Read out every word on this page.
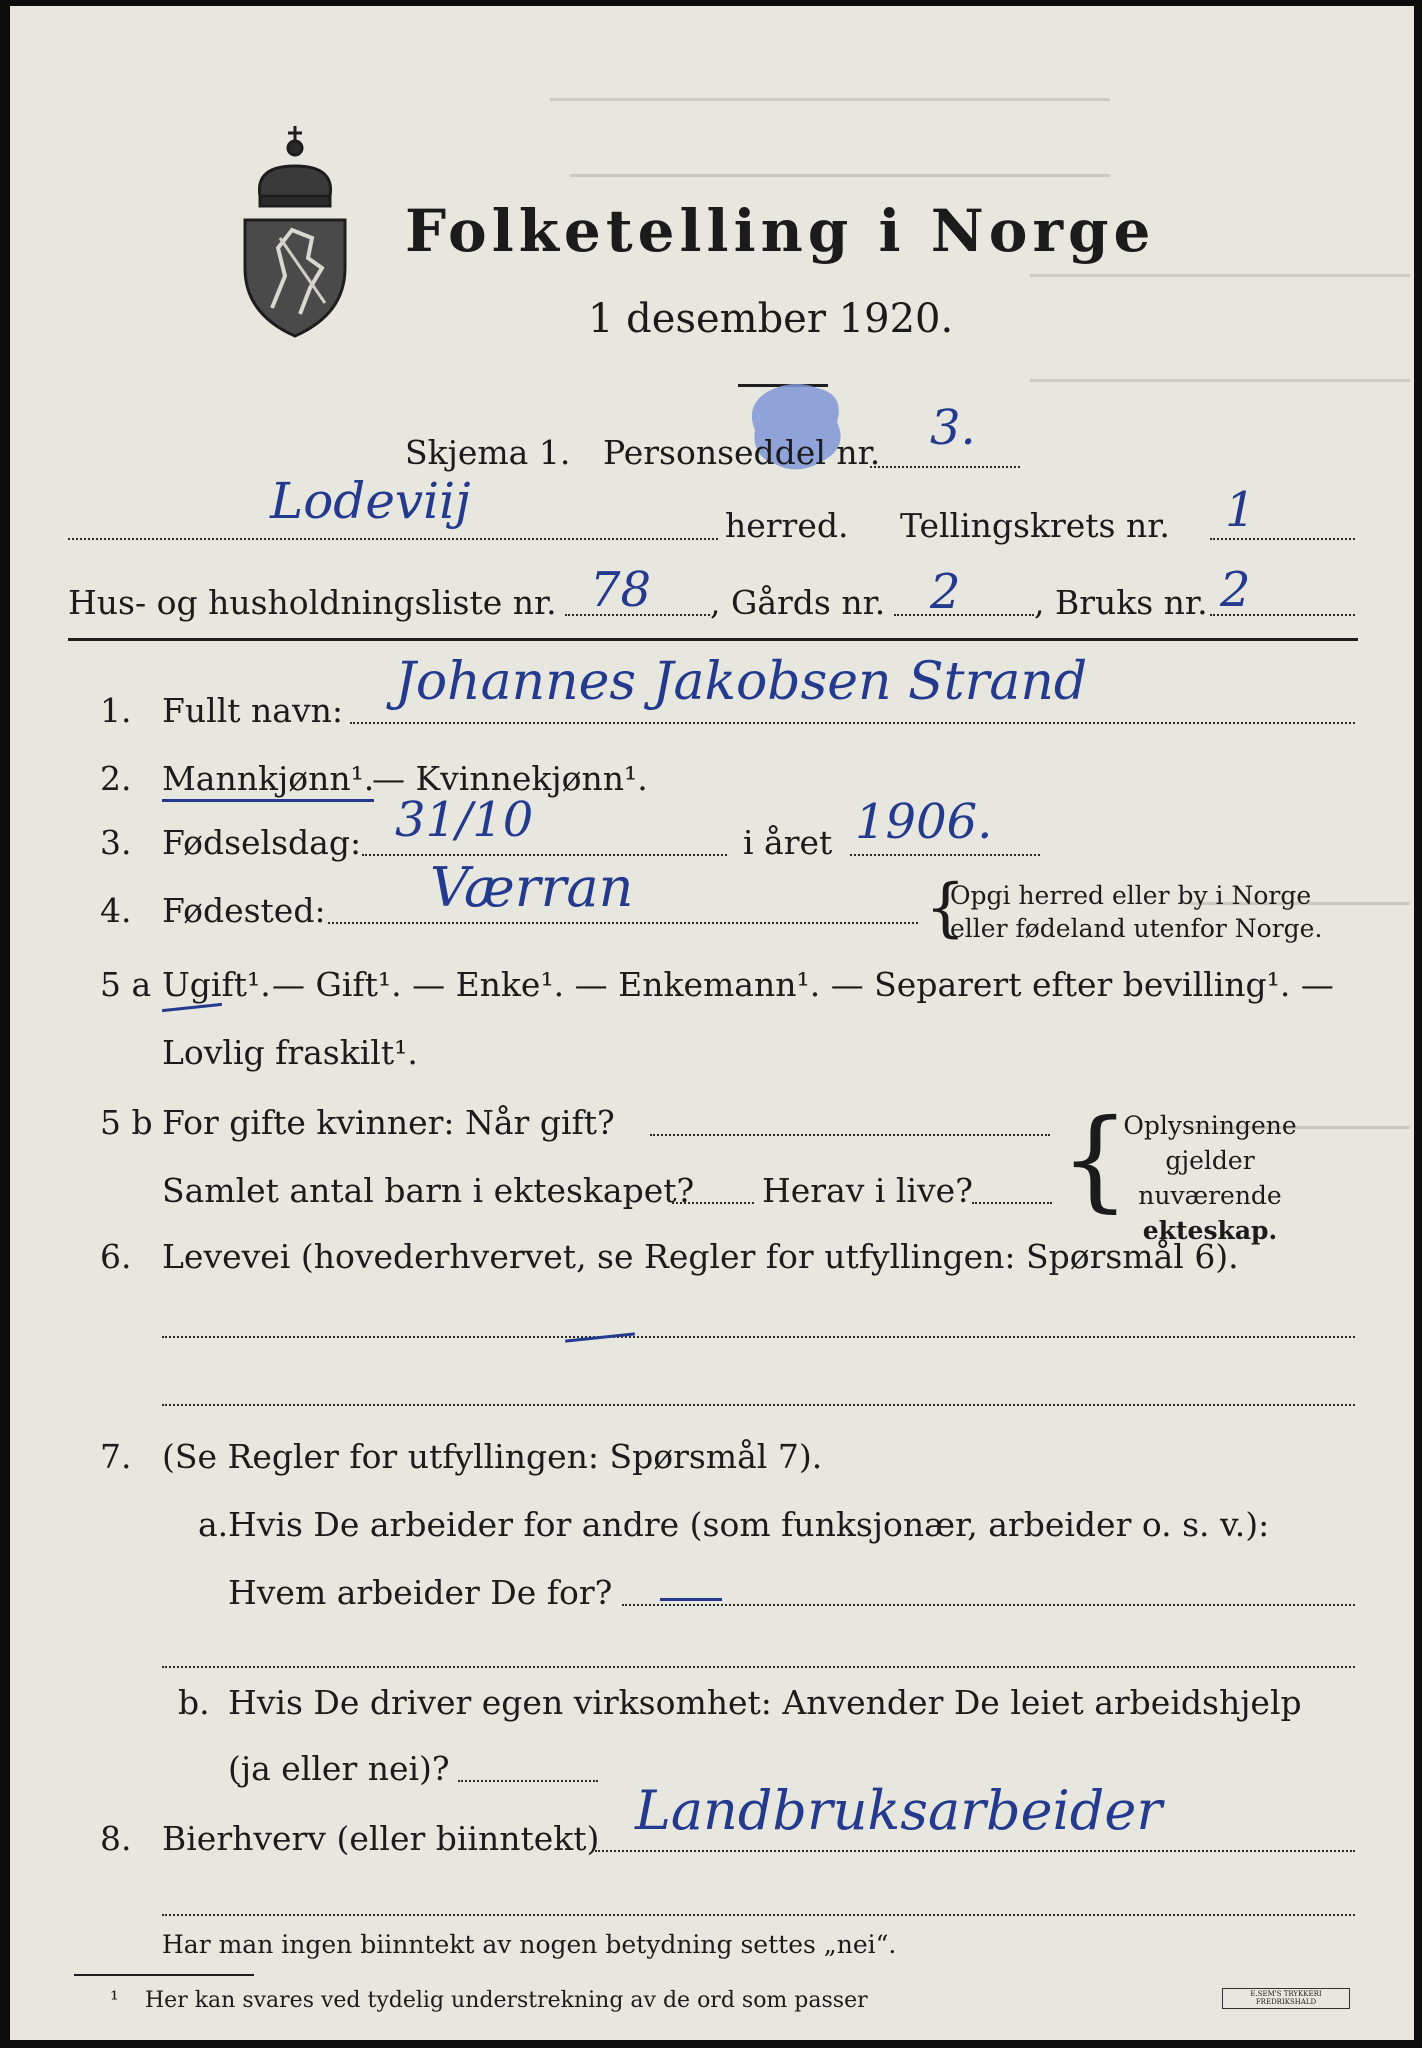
Folketelling i Norge
1 desember 1920.
Skjema 1. Personseddel nr. 3.
Lodeviij	herred. Tellingskrets nr. 1
Hus- og husholdningsliste nr. 78 , Gårds nr. 2 , Bruks nr. 2
1. Fullt navn: Johannes Jakobsen Strand
2. Mannkjønn¹.
— Kvinnekjønn¹.
3. Fødselsdag: 31/10	i året 1906.
4. Fødested: Værran	{
Opgi herred eller by i Norge
eller fødeland utenfor Norge.
5 a Ugift¹. — Gift¹. — Enke¹. — Enkemann¹. — Separert efter bevilling¹. —
Lovlig fraskilt¹.
5 b For gifte kvinner: Når gift?
Samlet antal barn i ekteskapet? Herav i live? {
Oplysningene
gjelder nuværende
ekteskap.
6. Levevei (hovederhvervet, se Regler for utfyllingen: Spørsmål 6).
7. (Se Regler for utfyllingen: Spørsmål 7).
a. Hvis De arbeider for andre (som funksjonær, arbeider o. s. v.):
Hvem arbeider De for?
b. Hvis De driver egen virksomhet: Anvender De leiet arbeidshjelp
(ja eller nei)?
8. Bierhverv (eller biinntekt) Landbruksarbeider
Har man ingen biinntekt av nogen betydning settes „nei“.
¹ Her kan svares ved tydelig understrekning av de ord som passer	E.SEM'S TRYKKERI FREDRIKSHALD
